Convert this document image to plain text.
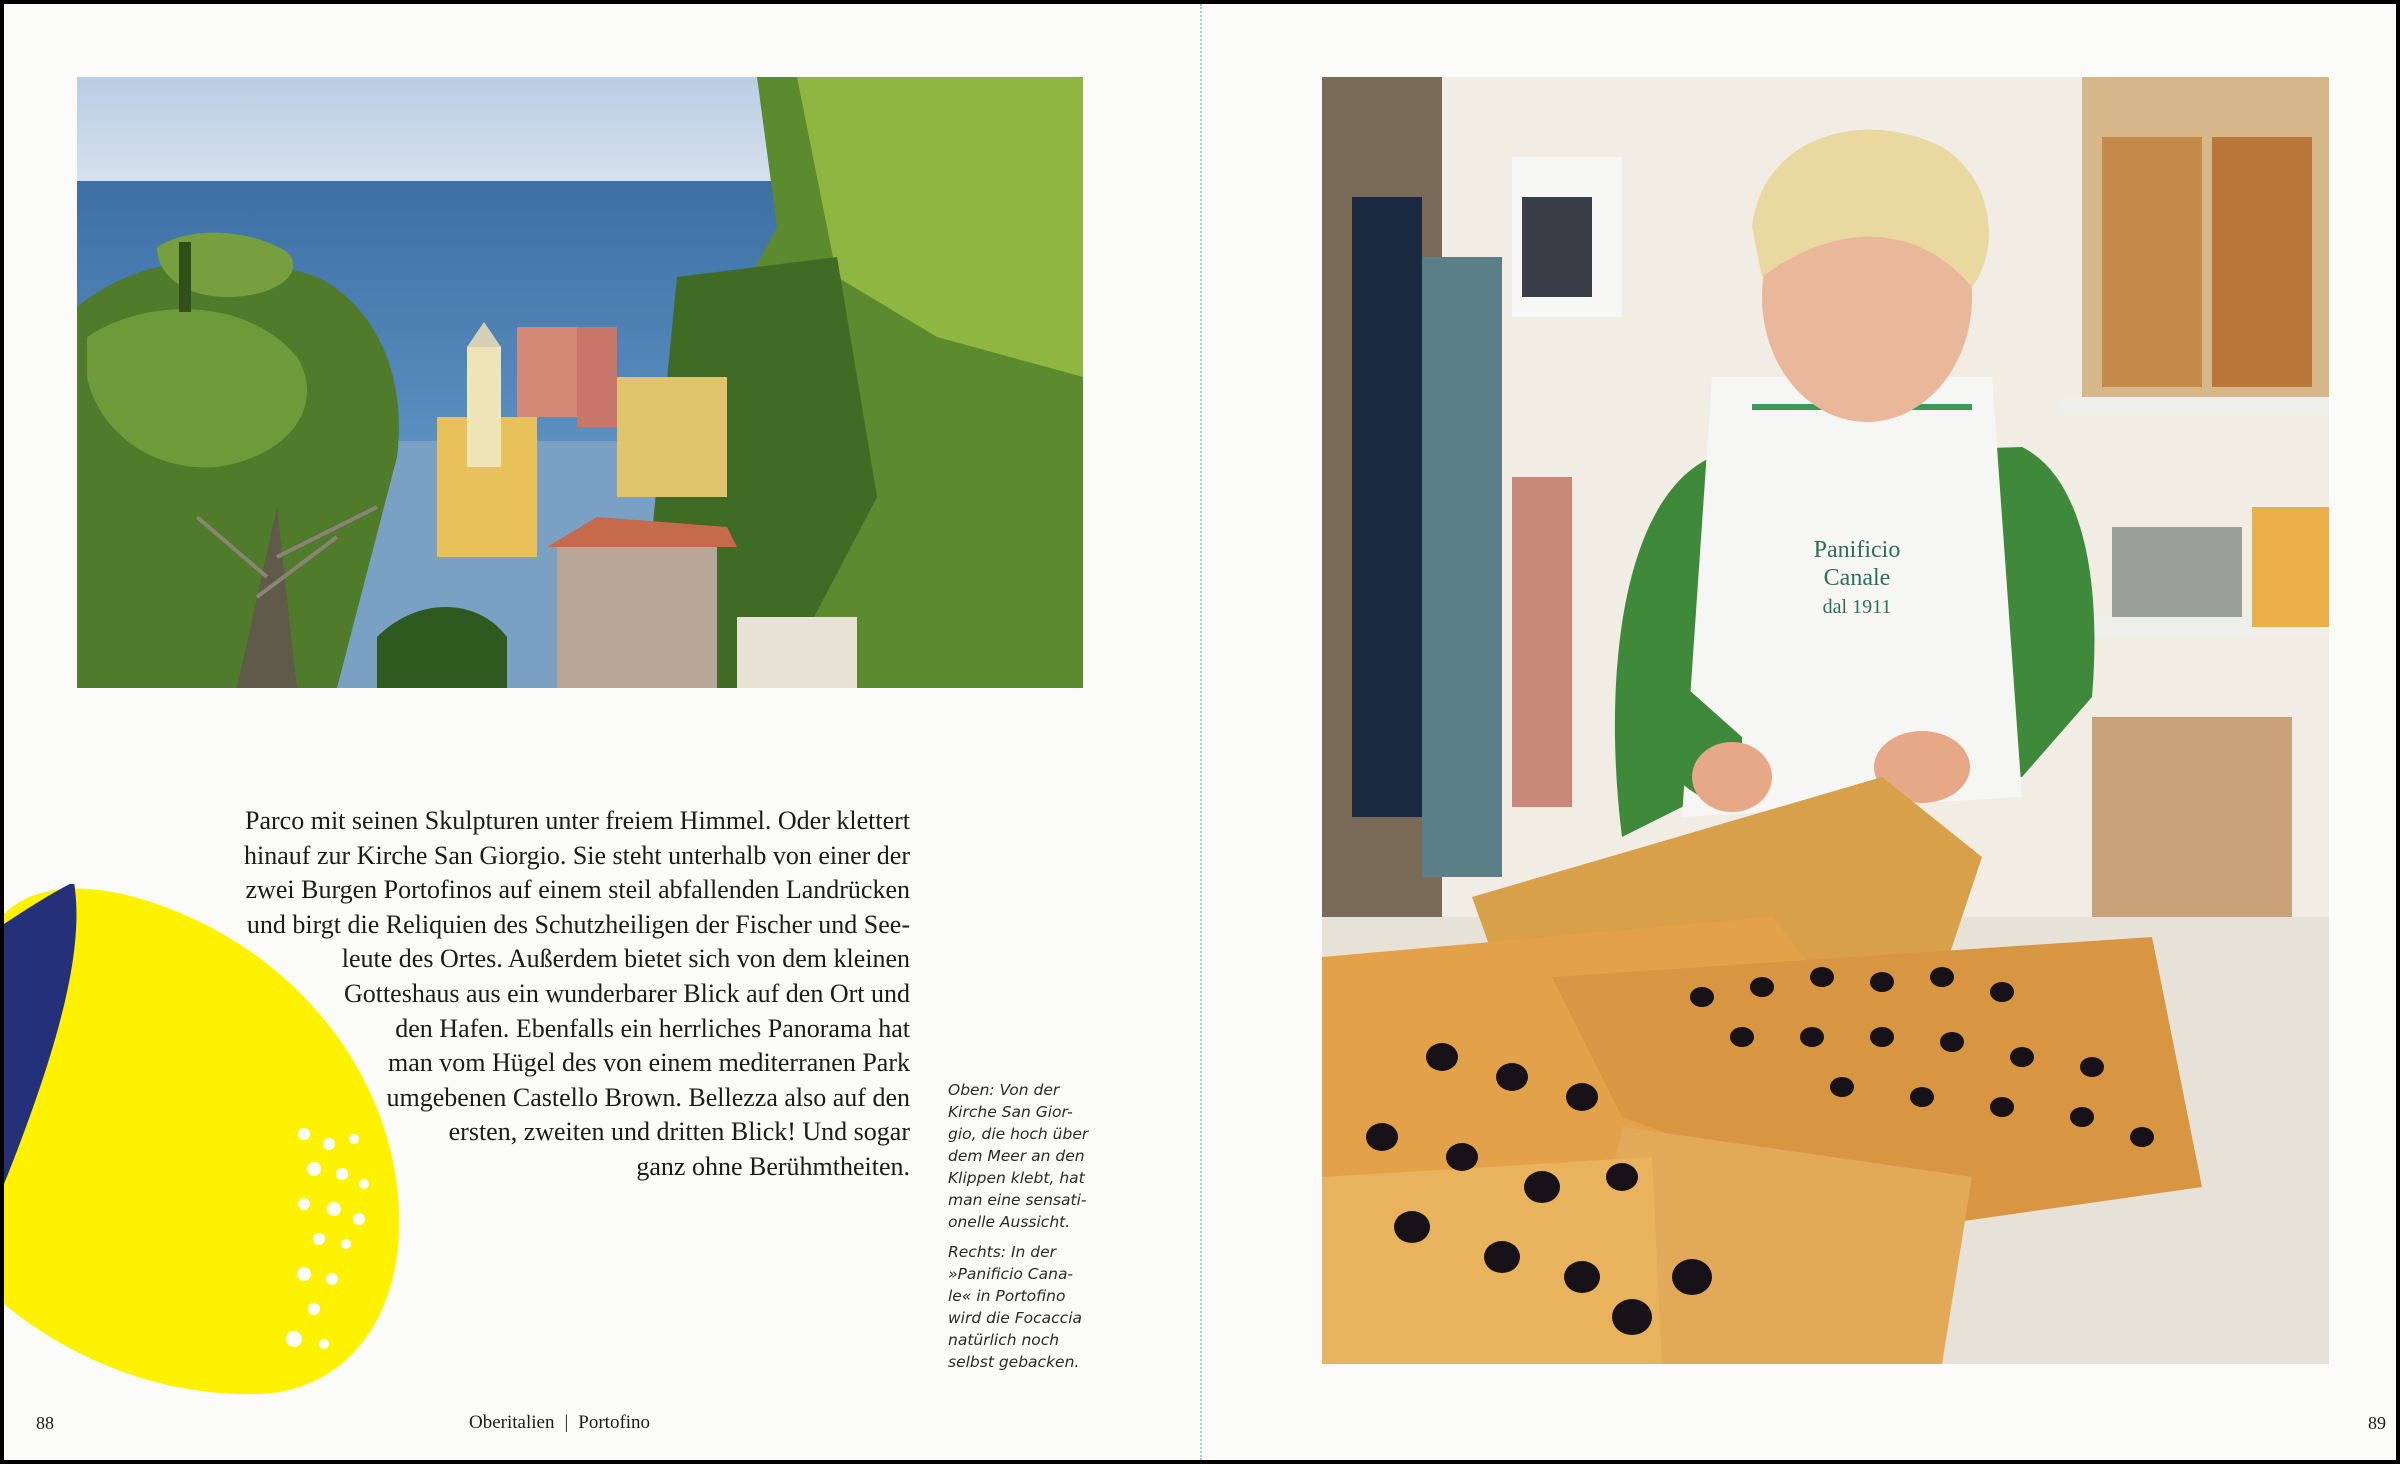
Parco mit seinen Skulpturen unter freiem Himmel. Oder klettert
hinauf zur Kirche San Giorgio. Sie steht unterhalb von einer der
zwei Burgen Portofinos auf einem steil abfallenden Landrücken
und birgt die Reliquien des Schutzheiligen der Fischer und See-
leute des Ortes. Außerdem bietet sich von dem kleinen
Gotteshaus aus ein wunderbarer Blick auf den Ort und
den Hafen. Ebenfalls ein herrliches Panorama hat
man vom Hügel des von einem mediterranen Park
umgebenen Castello Brown. Bellezza also auf den
ersten, zweiten und dritten Blick! Und sogar
ganz ohne Berühmtheiten.
Oben: Von der
Kirche San Gior-
gio, die hoch über
dem Meer an den
Klippen klebt, hat
man eine sensati-
onelle Aussicht.
Rechts: In der
»Panificio Cana-
le« in Portofino
wird die Focaccia
natürlich noch
selbst gebacken.
88	Oberitalien | Portofino
Panificio
Canale
dal 1911
89
